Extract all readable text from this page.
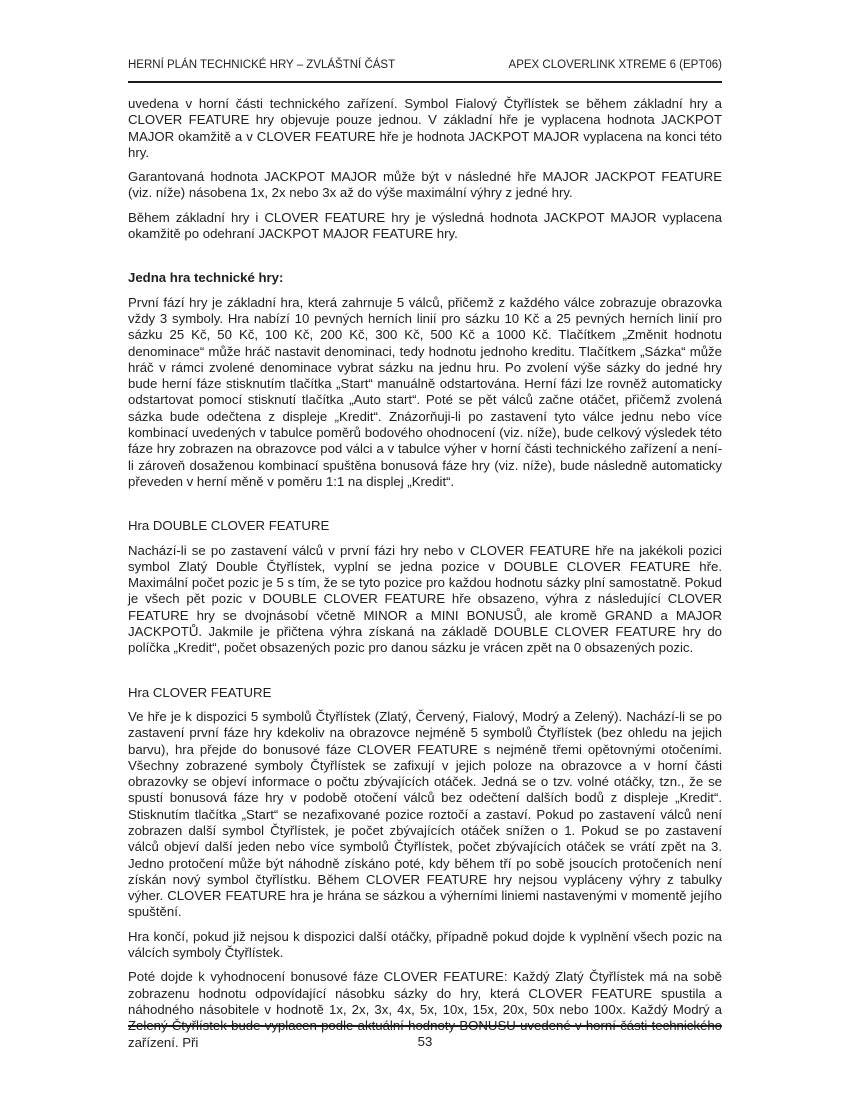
HERNÍ PLÁN TECHNICKÉ HRY – ZVLÁŠTNÍ ČÁST	APEX CLOVERLINK XTREME 6 (EPT06)

uvedena v horní části technického zařízení. Symbol Fialový Čtyřlístek se během základní hry a CLOVER FEATURE hry objevuje pouze jednou. V základní hře je vyplacena hodnota JACKPOT MAJOR okamžitě a v CLOVER FEATURE hře je hodnota JACKPOT MAJOR vyplacena na konci této hry.

Garantovaná hodnota JACKPOT MAJOR může být v následné hře MAJOR JACKPOT FEATURE (viz. níže) násobena 1x, 2x nebo 3x až do výše maximální výhry z jedné hry.

Během základní hry i CLOVER FEATURE hry je výsledná hodnota JACKPOT MAJOR vyplacena okamžitě po odehraní JACKPOT MAJOR FEATURE hry.

Jedna hra technické hry:

První fází hry je základní hra, která zahrnuje 5 válců, přičemž z každého válce zobrazuje obrazovka vždy 3 symboly. Hra nabízí 10 pevných herních linií pro sázku 10 Kč a 25 pevných herních linií pro sázku 25 Kč, 50 Kč, 100 Kč, 200 Kč, 300 Kč, 500 Kč a 1000 Kč. Tlačítkem „Změnit hodnotu denominace“ může hráč nastavit denominaci, tedy hodnotu jednoho kreditu. Tlačítkem „Sázka“ může hráč v rámci zvolené denominace vybrat sázku na jednu hru. Po zvolení výše sázky do jedné hry bude herní fáze stisknutím tlačítka „Start“ manuálně odstartována. Herní fázi lze rovněž automaticky odstartovat pomocí stisknutí tlačítka „Auto start“. Poté se pět válců začne otáčet, přičemž zvolená sázka bude odečtena z displeje „Kredit“. Znázorňuji-li po zastavení tyto válce jednu nebo více kombinací uvedených v tabulce poměrů bodového ohodnocení (viz. níže), bude celkový výsledek této fáze hry zobrazen na obrazovce pod válci a v tabulce výher v horní části technického zařízení a není-li zároveň dosaženou kombinací spuštěna bonusová fáze hry (viz. níže), bude následně automaticky převeden v herní měně v poměru 1:1 na displej „Kredit“.

Hra DOUBLE CLOVER FEATURE

Nachází-li se po zastavení válců v první fázi hry nebo v CLOVER FEATURE hře na jakékoli pozici symbol Zlatý Double Čtyřlístek, vyplní se jedna pozice v DOUBLE CLOVER FEATURE hře. Maximální počet pozic je 5 s tím, že se tyto pozice pro každou hodnotu sázky plní samostatně. Pokud je všech pět pozic v DOUBLE CLOVER FEATURE hře obsazeno, výhra z následující CLOVER FEATURE hry se dvojnásobí včetně MINOR a MINI BONUSŮ, ale kromě GRAND a MAJOR JACKPOTŮ. Jakmile je přičtena výhra získaná na základě DOUBLE CLOVER FEATURE hry do políčka „Kredit“, počet obsazených pozic pro danou sázku je vrácen zpět na 0 obsazených pozic.

Hra CLOVER FEATURE

Ve hře je k dispozici 5 symbolů Čtyřlístek (Zlatý, Červený, Fialový, Modrý a Zelený). Nachází-li se po zastavení první fáze hry kdekoliv na obrazovce nejméně 5 symbolů Čtyřlístek (bez ohledu na jejich barvu), hra přejde do bonusové fáze CLOVER FEATURE s nejméně třemi opětovnými otočeními. Všechny zobrazené symboly Čtyřlístek se zafixují v jejich poloze na obrazovce a v horní části obrazovky se objeví informace o počtu zbývajících otáček. Jedná se o tzv. volné otáčky, tzn., že se spustí bonusová fáze hry v podobě otočení válců bez odečtení dalších bodů z displeje „Kredit“. Stisknutím tlačítka „Start“ se nezafixované pozice roztočí a zastaví. Pokud po zastavení válců není zobrazen další symbol Čtyřlístek, je počet zbývajících otáček snížen o 1. Pokud se po zastavení válců objeví další jeden nebo více symbolů Čtyřlístek, počet zbývajících otáček se vrátí zpět na 3. Jedno protočení může být náhodně získáno poté, kdy během tří po sobě jsoucích protočeních není získán nový symbol čtyřlístku. Během CLOVER FEATURE hry nejsou vypláceny výhry z tabulky výher. CLOVER FEATURE hra je hrána se sázkou a výherními liniemi nastavenými v momentě jejího spuštění.

Hra končí, pokud již nejsou k dispozici další otáčky, případně pokud dojde k vyplnění všech pozic na válcích symboly Čtyřlístek.

Poté dojde k vyhodnocení bonusové fáze CLOVER FEATURE: Každý Zlatý Čtyřlístek má na sobě zobrazenu hodnotu odpovídající násobku sázky do hry, která CLOVER FEATURE spustila a náhodného násobitele v hodnotě 1x, 2x, 3x, 4x, 5x, 10x, 15x, 20x, 50x nebo 100x. Každý Modrý a Zelený Čtyřlístek bude vyplacen podle aktuální hodnoty BONUSU uvedené v horní části technického zařízení. Při	53
